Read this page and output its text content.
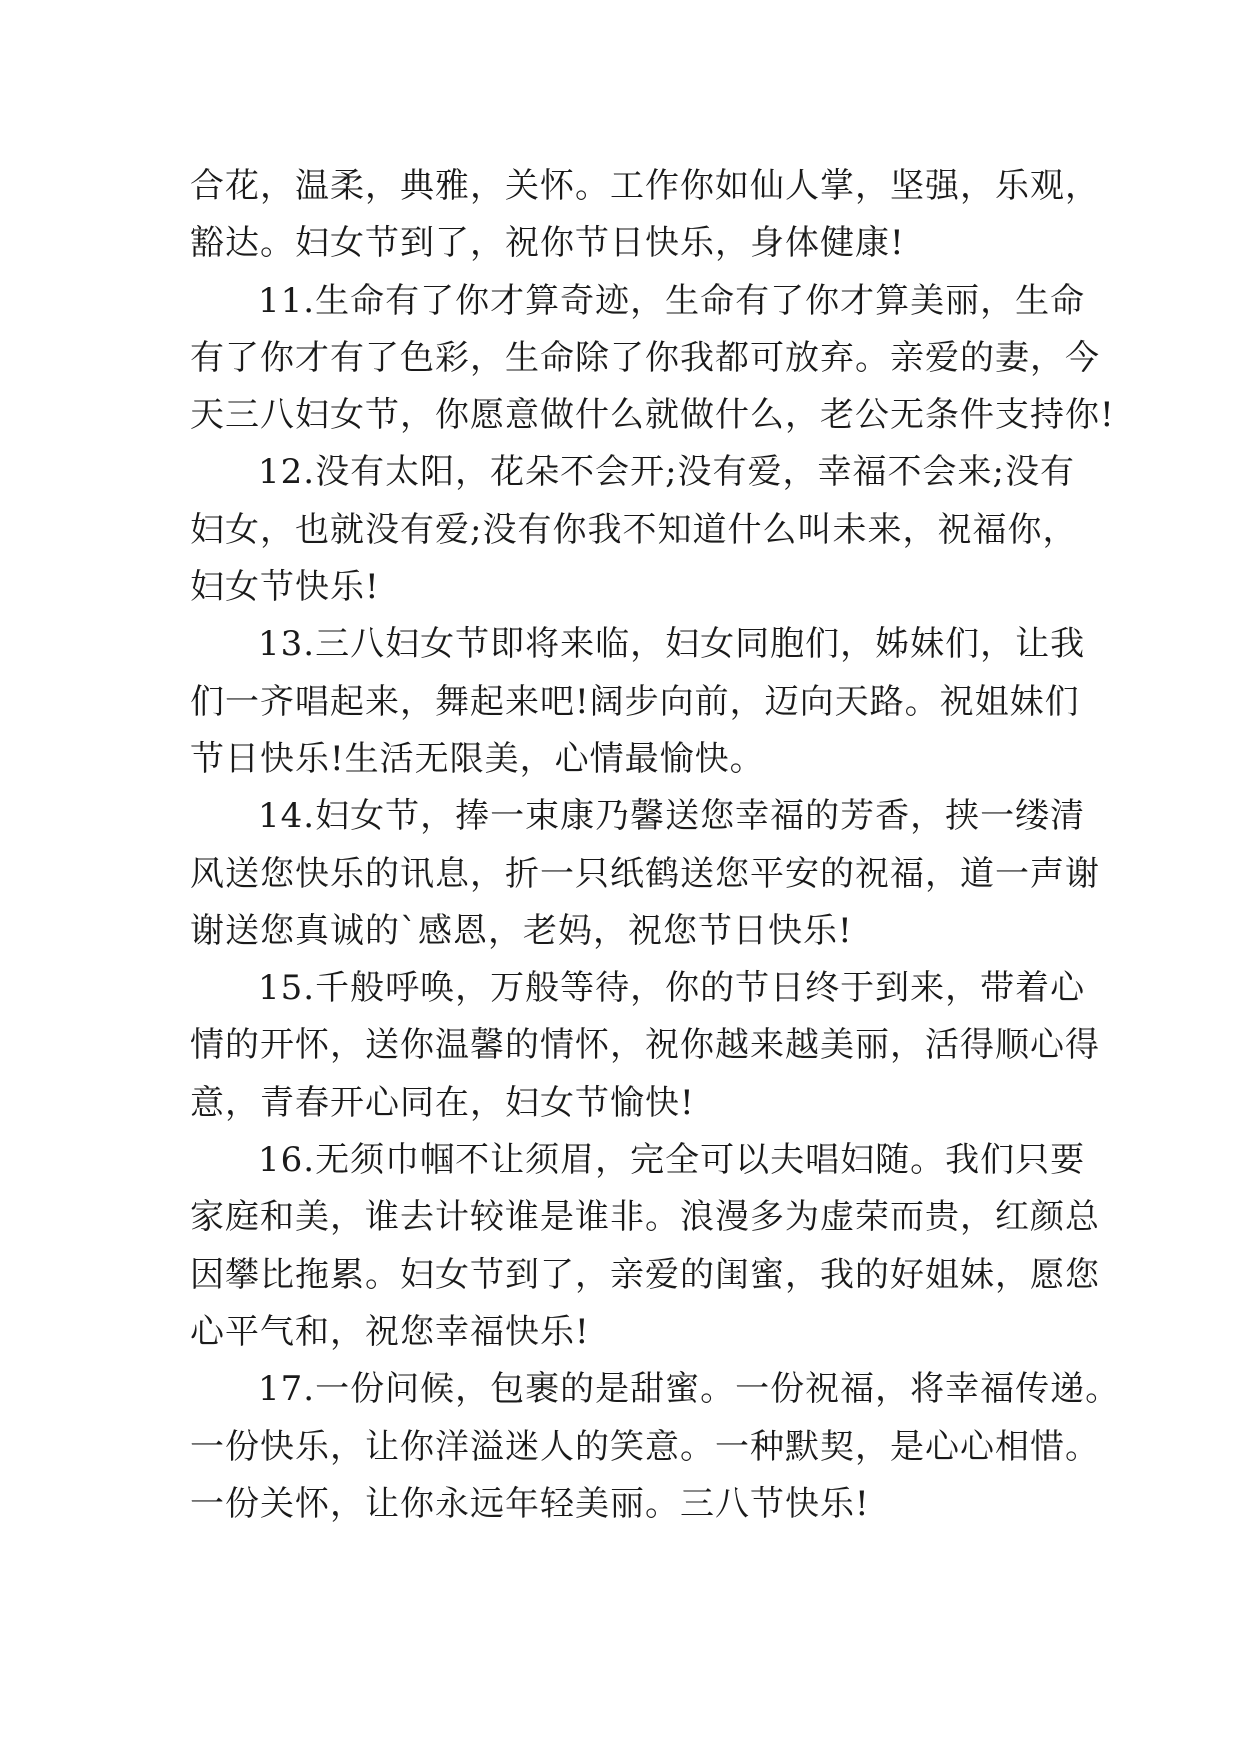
合花，温柔，典雅，关怀。工作你如仙人掌，坚强，乐观，
豁达。妇女节到了，祝你节日快乐，身体健康!
11.生命有了你才算奇迹，生命有了你才算美丽，生命
有了你才有了色彩，生命除了你我都可放弃。亲爱的妻，今
天三八妇女节，你愿意做什么就做什么，老公无条件支持你!
12.没有太阳，花朵不会开;没有爱，幸福不会来;没有
妇女，也就没有爱;没有你我不知道什么叫未来，祝福你，
妇女节快乐!
13.三八妇女节即将来临，妇女同胞们，姊妹们，让我
们一齐唱起来，舞起来吧!阔步向前，迈向天路。祝姐妹们
节日快乐!生活无限美，心情最愉快。
14.妇女节，捧一束康乃馨送您幸福的芳香，挟一缕清
风送您快乐的讯息，折一只纸鹤送您平安的祝福，道一声谢
谢送您真诚的`感恩，老妈，祝您节日快乐!
15.千般呼唤，万般等待，你的节日终于到来，带着心
情的开怀，送你温馨的情怀，祝你越来越美丽，活得顺心得
意，青春开心同在，妇女节愉快!
16.无须巾帼不让须眉，完全可以夫唱妇随。我们只要
家庭和美，谁去计较谁是谁非。浪漫多为虚荣而贵，红颜总
因攀比拖累。妇女节到了，亲爱的闺蜜，我的好姐妹，愿您
心平气和，祝您幸福快乐!
17.一份问候，包裹的是甜蜜。一份祝福，将幸福传递。
一份快乐，让你洋溢迷人的笑意。一种默契，是心心相惜。
一份关怀，让你永远年轻美丽。三八节快乐!
